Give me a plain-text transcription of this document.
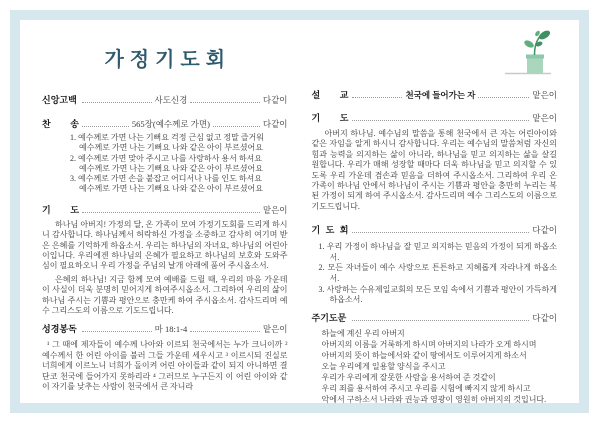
가정기도회
신앙고백	사도신경	다같이
찬 송	565장(예수께로 가면)	다같이
1. 예수께로 가면 나는 기뻐요 걱정 근심 없고 정말 즐거워
예수께로 가면 나는 기뻐요 나와 같은 아이 부르셨어요
2. 예수께로 가면 맞아 주시고 나를 사랑하사 용서 하셔요
예수께로 가면 나는 기뻐요 나와 같은 아이 부르셨어요
3. 예수께로 가면 손을 붙잡고 어디서나 나를 인도 하셔요
예수께로 가면 나는 기뻐요 나와 같은 아이 부르셨어요
기 도	맡은이
하나님 아버지! 가정의 달, 온 가족이 모여 가정기도회를 드리게 하시니 감사합니다. 하나님께서 허락하신 가정을 소중하고 감사히 여기며 받은 은혜를 기억하게 하옵소서. 우리는 하나님의 자녀요, 하나님의 어린아이입니다. 우리에겐 하나님의 은혜가 필요하고 하나님의 보호와 도와주심이 필요하오니 우리 가정을 주님의 날개 아래에 품어 주시옵소서.
은혜의 하나님! 지금 함께 모여 예배를 드릴 때, 우리의 마음 가운데 이 사실이 더욱 분명히 믿어지게 하여주시옵소서. 그리하여 우리의 삶이 하나님 주시는 기쁨과 평안으로 충만케 하여 주시옵소서. 감사드리며 예수 그리스도의 이름으로 기도드립니다.
성경봉독	마 18:1-4	맡은이
¹ 그 때에 제자들이 예수께 나아와 이르되 천국에서는 누가 크니이까 ² 예수께서 한 어린 아이를 불러 그들 가운데 세우시고 ³ 이르시되 진실로 너희에게 이르노니 너희가 돌이켜 어린 아이들과 같이 되지 아니하면 결단코 천국에 들어가지 못하리라 ⁴ 그러므로 누구든지 이 어린 아이와 같이 자기를 낮추는 사람이 천국에서 큰 자니라
설 교	천국에 들어가는 자	맡은이
기 도	맡은이
아버지 하나님. 예수님의 말씀을 통해 천국에서 큰 자는 어린아이와 같은 자임을 알게 하시니 감사합니다. 우리는 예수님의 말씀처럼 자신의 힘과 능력을 의지하는 삶이 아니라, 하나님을 믿고 의지하는 삶을 살길 원합니다. 우리가 매해 성장할 때마다 더욱 하나님을 믿고 의지할 수 있도록 우리 가운데 겸손과 믿음을 더하여 주시옵소서. 그리하여 우리 온 가족이 하나님 안에서 하나님이 주시는 기쁨과 평안을 충만히 누리는 복된 가정이 되게 하여 주시옵소서. 감사드리며 예수 그리스도의 이름으로 기도드립니다.
기 도 회	다같이
1. 우리 가정이 하나님을 잘 믿고 의지하는 믿음의 가정이 되게 하옵소서.
2. 모든 자녀들이 예수 사랑으로 튼튼하고 지혜롭게 자라나게 하옵소서.
3. 사랑하는 수유제일교회의 모든 모임 속에서 기쁨과 평안이 가득하게 하옵소서.
주기도문	다같이
하늘에 계신 우리 아버지
아버지의 이름을 거룩하게 하시며 아버지의 나라가 오게 하시며
아버지의 뜻이 하늘에서와 같이 땅에서도 이루어지게 하소서
오늘 우리에게 일용할 양식을 주시고
우리가 우리에게 잘못한 사람을 용서하여 준 것같이
우리 죄를 용서하여 주시고 우리를 시험에 빠지지 않게 하시고
악에서 구하소서 나라와 권능과 영광이 영원히 아버지의 것입니다.
